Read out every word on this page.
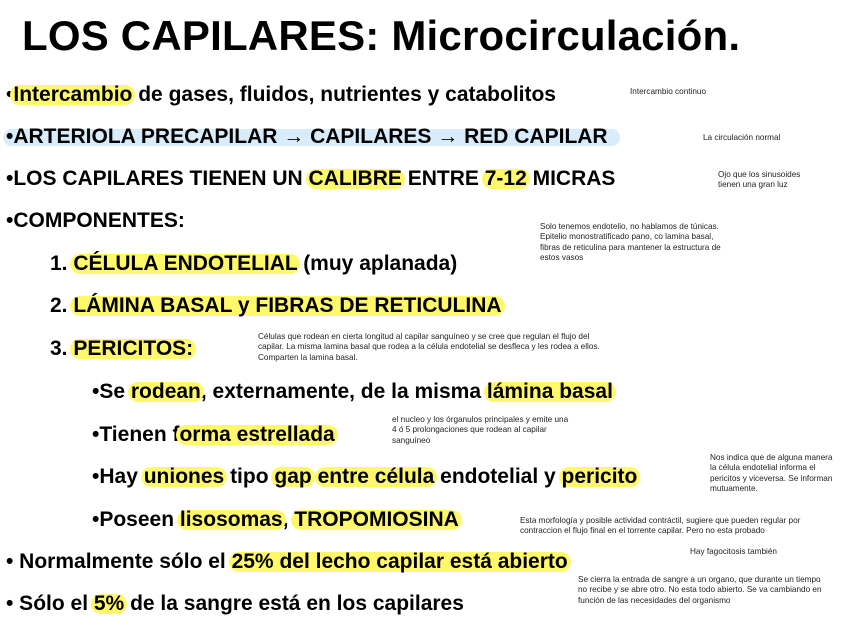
LOS CAPILARES: Microcirculación.
•Intercambio de gases, fluidos, nutrientes y catabolitos	Intercambio continuo
•ARTERIOLA PRECAPILAR → CAPILARES → RED CAPILAR	La circulación normal
•LOS CAPILARES TIENEN UN CALIBRE ENTRE 7-12 MICRAS	Ojo que los sinusoides
tienen una gran luz
•COMPONENTES:	Solo tenemos endotelio, no hablamos de túnicas.
Epitelio monostratificado pano, co lamina basal,
fibras de reticulina para mantener la estructura de
estos vasos
1. CÉLULA ENDOTELIAL (muy aplanada)
2. LÁMINA BASAL y FIBRAS DE RETICULINA
3. PERICITOS:
Células que rodean en cierta longitud al capilar sanguíneo y se cree que regulan el flujo del
capilar. La misma lamina basal que rodea a la célula endotelial se desflecа y les rodea a ellos.
Comparten la lamina basal.
•Se rodean, externamente, de la misma lámina basal
•Tienen forma estrellada
el nucleo y los órganulos principales y emite una
4 ó 5 prolongaciones que rodean al capilar
sanguíneo
•Hay uniones tipo gap entre célula endotelial y pericito
Nos indica que de alguna manera
la célula endotelial informa el
pericitos y viceversa. Se informan
mutuamente.
•Poseen lisosomas, TROPOMIOSINA	Esta morfología y posible actividad contráctil, sugiere que pueden regular por
contraccion el flujo final en el torrente capilar. Pero no esta probado
Hay fagocitosis también
• Normalmente sólo el 25% del lecho capilar está abierto
Se cierra la entrada de sangre a un organo, que durante un tiempo
no recibe y se abre otro. No esta todo abierto. Se va cambiando en
función de las necesidades del organismo
• Sólo el 5% de la sangre está en los capilares
